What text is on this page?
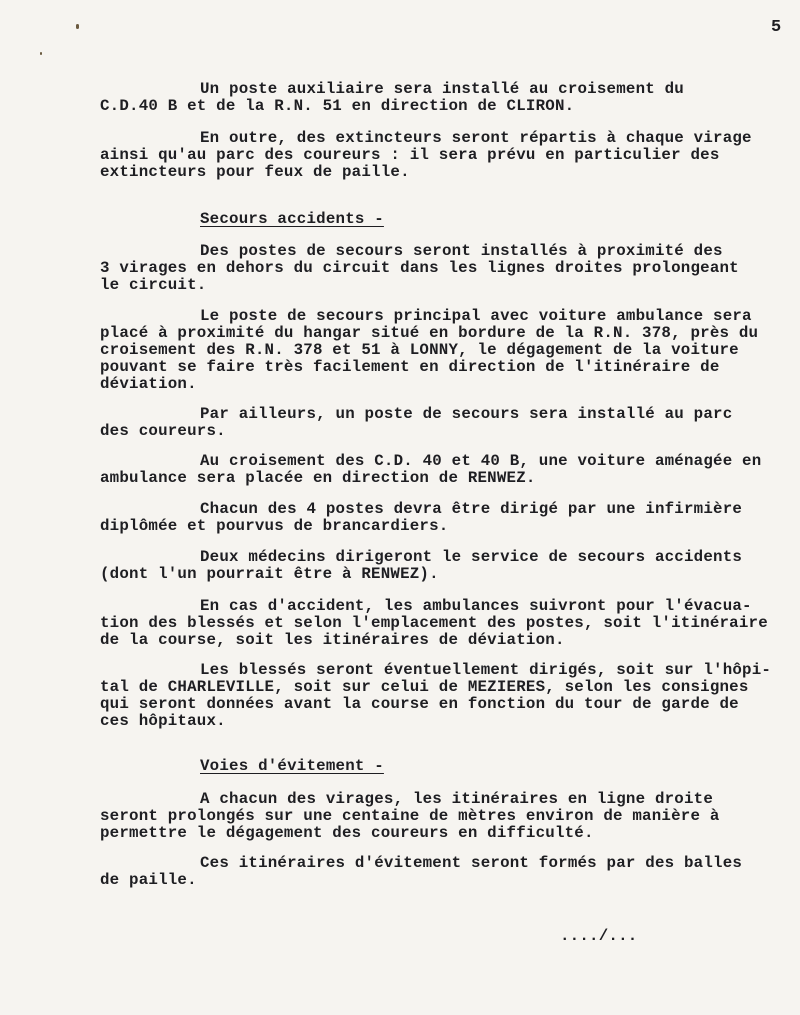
5
Un poste auxiliaire sera installé au croisement du
C.D.40 B et de la R.N. 51 en direction de CLIRON.
En outre, des extincteurs seront répartis à chaque virage
ainsi qu'au parc des coureurs : il sera prévu en particulier des
extincteurs pour feux de paille.
Secours accidents -
Des postes de secours seront installés à proximité des
3 virages en dehors du circuit dans les lignes droites prolongeant
le circuit.
Le poste de secours principal avec voiture ambulance sera
placé à proximité du hangar situé en bordure de la R.N. 378, près du
croisement des R.N. 378 et 51 à LONNY, le dégagement de la voiture
pouvant se faire très facilement en direction de l'itinéraire de
déviation.
Par ailleurs, un poste de secours sera installé au parc
des coureurs.
Au croisement des C.D. 40 et 40 B, une voiture aménagée en
ambulance sera placée en direction de RENWEZ.
Chacun des 4 postes devra être dirigé par une infirmière
diplômée et pourvus de brancardiers.
Deux médecins dirigeront le service de secours accidents
(dont l'un pourrait être à RENWEZ).
En cas d'accident, les ambulances suivront pour l'évacua-
tion des blessés et selon l'emplacement des postes, soit l'itinéraire
de la course, soit les itinéraires de déviation.
Les blessés seront éventuellement dirigés, soit sur l'hôpi-
tal de CHARLEVILLE, soit sur celui de MEZIERES, selon les consignes
qui seront données avant la course en fonction du tour de garde de
ces hôpitaux.
Voies d'évitement -
A chacun des virages, les itinéraires en ligne droite
seront prolongés sur une centaine de mètres environ de manière à
permettre le dégagement des coureurs en difficulté.
Ces itinéraires d'évitement seront formés par des balles
de paille.
..../...
